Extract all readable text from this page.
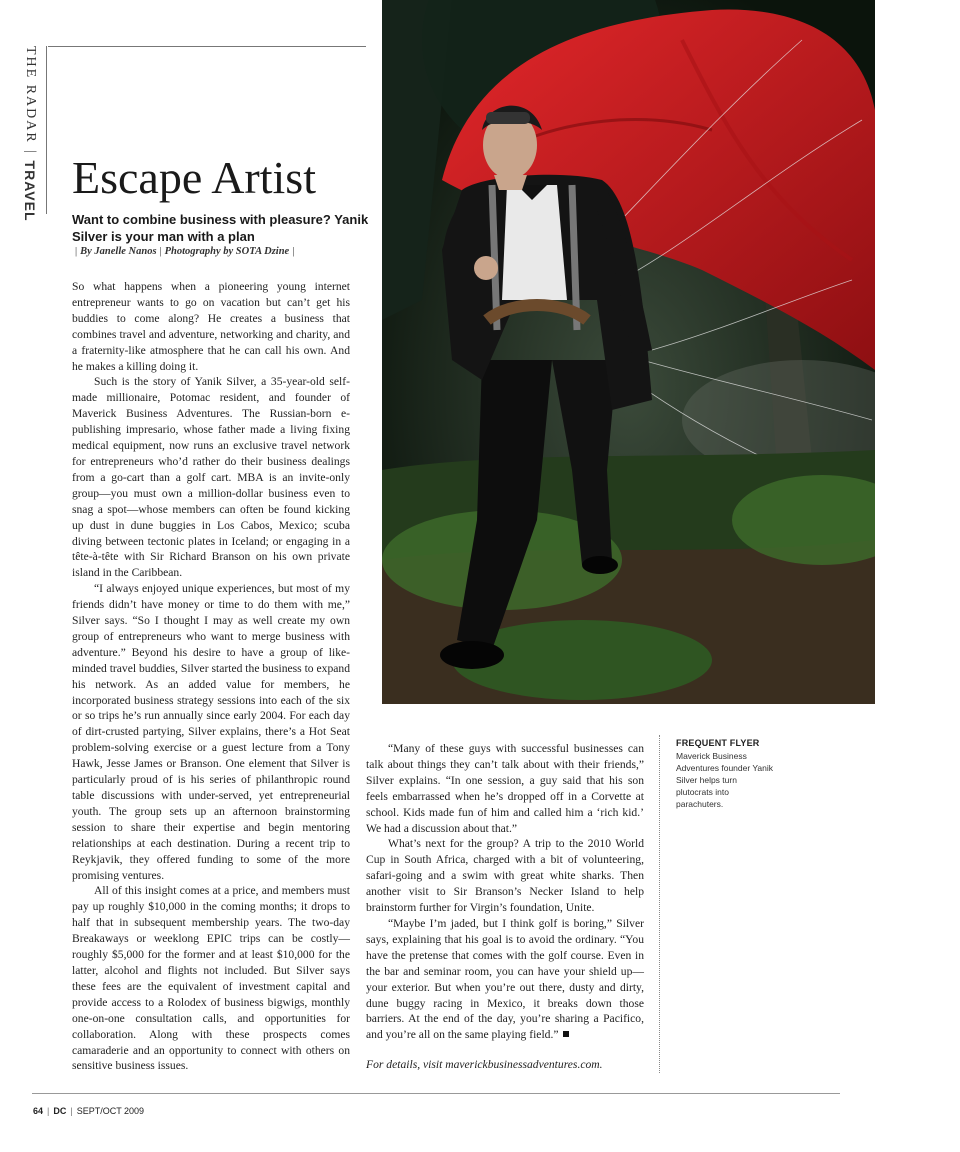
THE RADAR|TRAVEL Escape Artist
Want to combine business with pleasure? Yanik Silver is your man with a plan
| By Janelle Nanos | Photography by SOTA Dzine |

So what happens when a pioneering young internet entrepreneur wants to go on vacation but can’t get his buddies to come along? He creates a business that combines travel and adventure, networking and charity, and a fraternity-like atmosphere that he can call his own. And he makes a killing doing it.

Such is the story of Yanik Silver, a 35-year-old self-made millionaire, Potomac resident, and founder of Maverick Business Adventures. The Russian-born e-publishing impresario, whose father made a living fixing medical equipment, now runs an exclusive travel network for entrepreneurs who’d rather do their business dealings from a go-cart than a golf cart. MBA is an invite-only group—you must own a million-dollar business even to snag a spot—whose members can often be found kicking up dust in dune buggies in Los Cabos, Mexico; scuba diving between tectonic plates in Iceland; or engaging in a tête-à-tête with Sir Richard Branson on his own private island in the Caribbean.

“I always enjoyed unique experiences, but most of my friends didn’t have money or time to do them with me,” Silver says. “So I thought I may as well create my own group of entrepreneurs who want to merge business with adventure.” Beyond his desire to have a group of like-minded travel buddies, Silver started the business to expand his network. As an added value for members, he incorporated business strategy sessions into each of the six or so trips he’s run annually since early 2004. For each day of dirt-crusted partying, Silver explains, there’s a Hot Seat problem-solving exercise or a guest lecture from a Tony Hawk, Jesse James or Branson. One element that Silver is particularly proud of is his series of philanthropic round table discussions with under-served, yet entrepreneurial youth. The group sets up an afternoon brainstorming session to share their expertise and begin mentoring relationships at each destination. During a recent trip to Reykjavik, they offered funding to some of the more promising ventures.

All of this insight comes at a price, and members must pay up roughly $10,000 in the coming months; it drops to half that in subsequent membership years. The two-day Breakaways or weeklong EPIC trips can be costly—roughly $5,000 for the former and at least $10,000 for the latter, alcohol and flights not included. But Silver says these fees are the equivalent of investment capital and provide access to a Rolodex of business bigwigs, monthly one-on-one consultation calls, and opportunities for collaboration. Along with these prospects comes camaraderie and an opportunity to connect with others on sensitive business issues.

“Many of these guys with successful businesses can talk about things they can’t talk about with their friends,” Silver explains. “In one session, a guy said that his son feels embarrassed when he’s dropped off in a Corvette at school. Kids made fun of him and called him a ‘rich kid.’ We had a discussion about that.”

What’s next for the group? A trip to the 2010 World Cup in South Africa, charged with a bit of volunteering, safari-going and a swim with great white sharks. Then another visit to Sir Branson’s Necker Island to help brainstorm further for Virgin’s foundation, Unite.

“Maybe I’m jaded, but I think golf is boring,” Silver says, explaining that his goal is to avoid the ordinary. “You have the pretense that comes with the golf course. Even in the bar and seminar room, you can have your shield up—your exterior. But when you’re out there, dusty and dirty, dune buggy racing in Mexico, it breaks down those barriers. At the end of the day, you’re sharing a Pacifico, and you’re all on the same playing field.”

For details, visit maverickbusinessadventures.com.

FREQUENT FLYER
Maverick Business Adventures founder Yanik Silver helps turn plutocrats into parachuters.
64 | DC | SEPT/OCT 2009
